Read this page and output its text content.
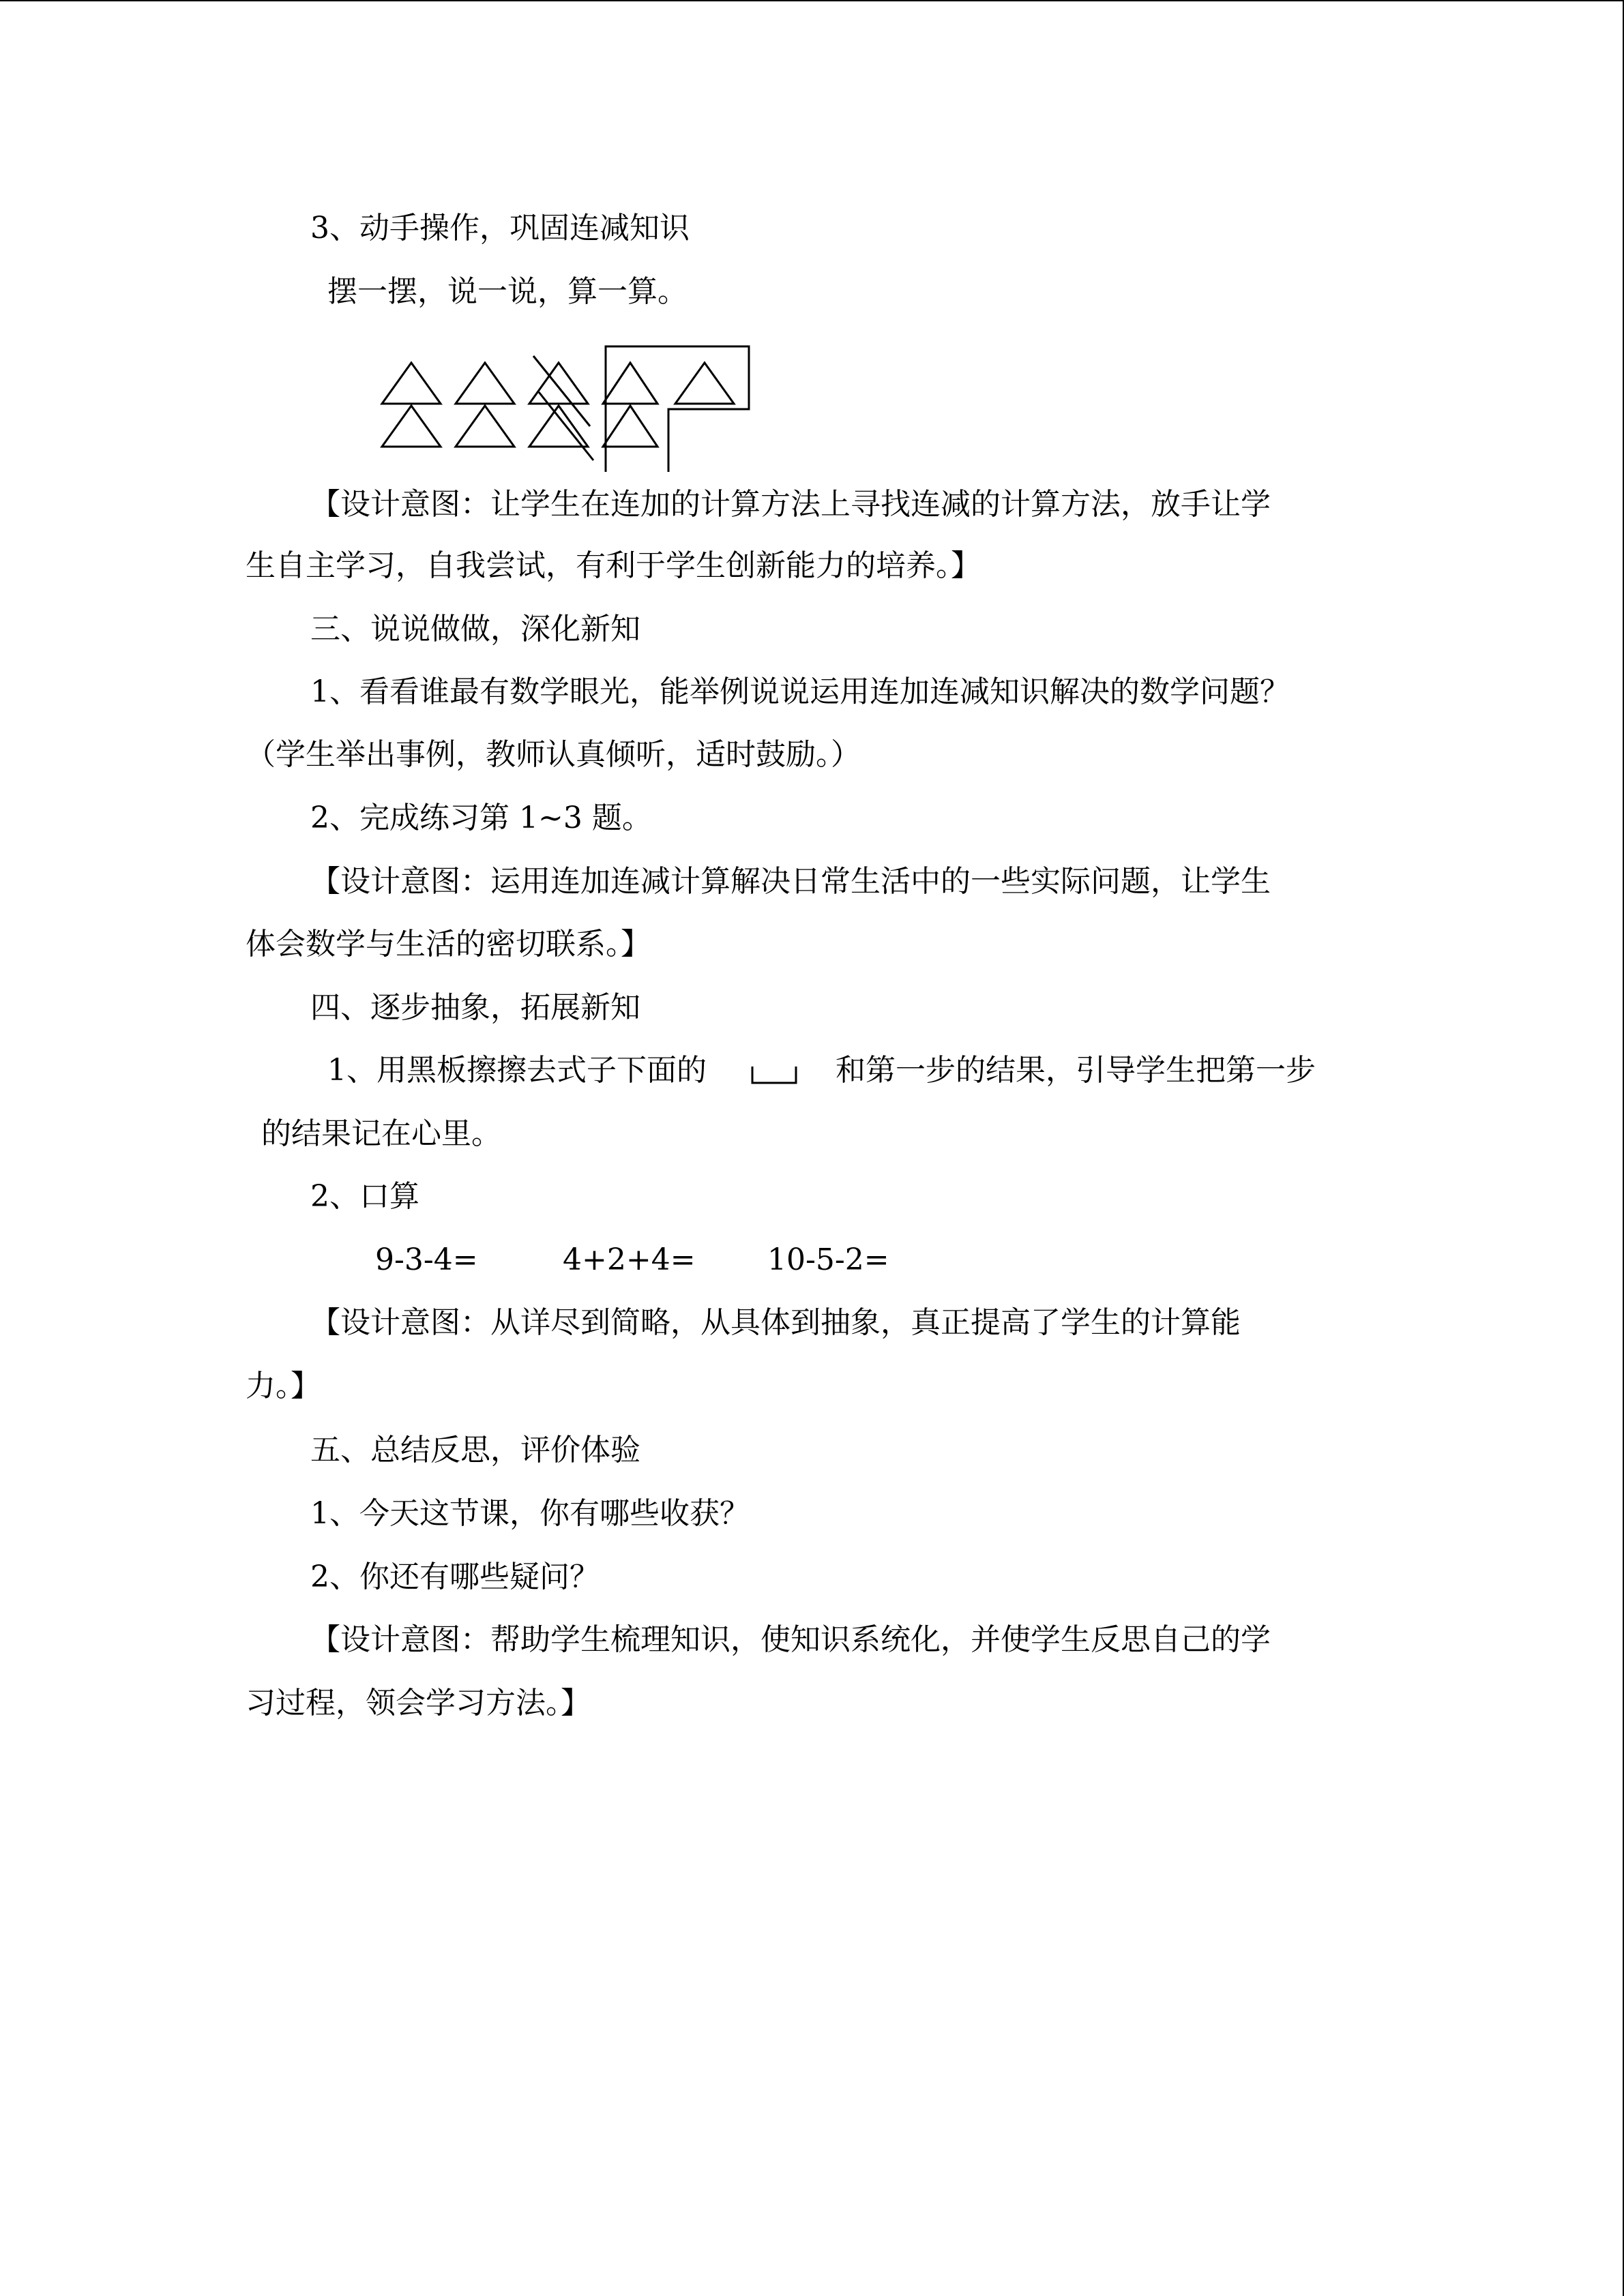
3、动手操作，巩固连减知识
摆一摆，说一说，算一算。
【设计意图：让学生在连加的计算方法上寻找连减的计算方法，放手让学
生自主学习，自我尝试，有利于学生创新能力的培养。】
三、说说做做，深化新知
1、看看谁最有数学眼光，能举例说说运用连加连减知识解决的数学问题？
（学生举出事例，教师认真倾听，适时鼓励。）
2、完成练习第 1~3 题。
【设计意图：运用连加连减计算解决日常生活中的一些实际问题，让学生
体会数学与生活的密切联系。】
四、逐步抽象，拓展新知
1、用黑板擦擦去式子下面的	和第一步的结果，引导学生把第一步
的结果记在心里。
2、口算
9-3-4=	4+2+4= 10-5-2=
【设计意图：从详尽到简略，从具体到抽象，真正提高了学生的计算能
力。】
五、总结反思，评价体验
1、今天这节课，你有哪些收获？
2、你还有哪些疑问？
【设计意图：帮助学生梳理知识，使知识系统化，并使学生反思自己的学
习过程，领会学习方法。】
